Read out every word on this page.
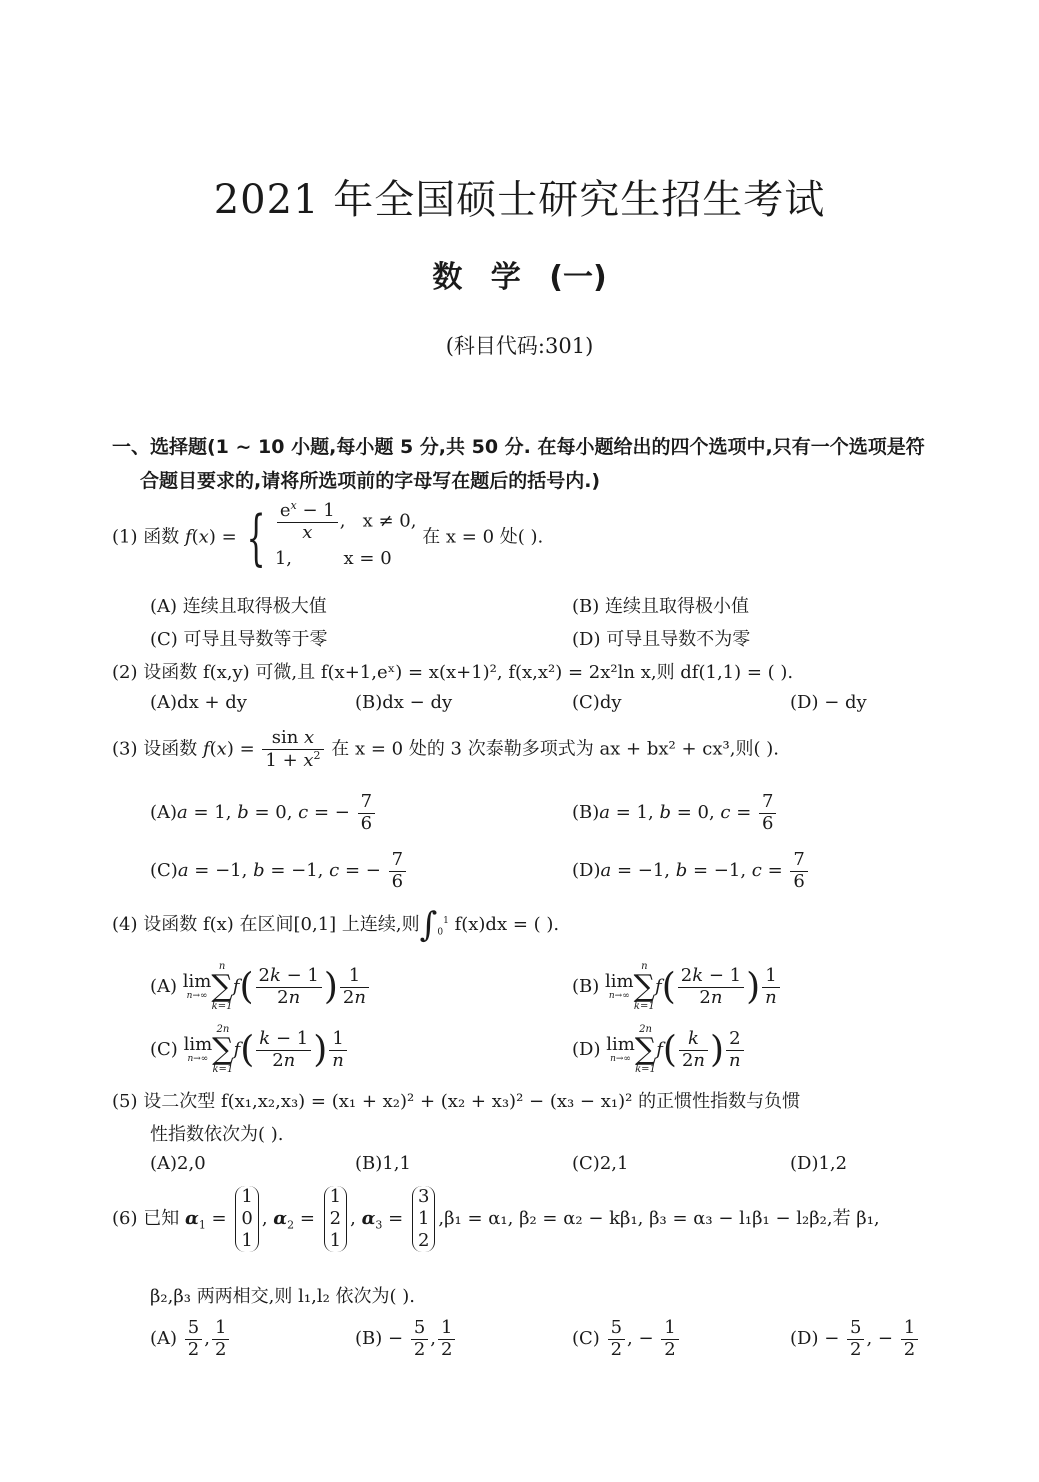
2021 年全国硕士研究生招生考试
数 学 (一)
(科目代码:301)
一、选择题(1 ~ 10 小题,每小题 5 分,共 50 分. 在每小题给出的四个选项中,只有一个选项是符
合题目要求的,请将所选项前的字母写在题后的括号内.)
(1) 函数 f(x) = { $\frac{e^x - 1}{x}$ ,   x ≠ 0,
1,	x = 0
在 x = 0 处( ).
(A) 连续且取得极大值	(B) 连续且取得极小值
(C) 可导且导数等于零	(D) 可导且导数不为零
(2) 设函数 f(x,y) 可微,且 f(x+1,eˣ) = x(x+1)², f(x,x²) = 2x²ln x,则 df(1,1) = ( ).
(A)dx + dy	(B)dx − dy	(C)dy	(D) − dy
(3) 设函数 $f(x) = \frac{\text{sin x}}{1 + x^2}$ 在 x = 0 处的 3 次泰勒多项式为 ax + bx² + cx³,则( ).
(A)a = 1, b = 0, c = − $\frac{7}{6}$	(B)a = 1, b = 0, $c = \frac{7}{6}$
(C)a = −1, b = −1, c = − $\frac{7}{6}$	(D)a = −1, b = −1, $c = \frac{7}{6}$
(4) 设函数 f(x) 在区间[0,1] 上连续,则$\int_0^1$ f(x)dx = ( ).
(A) lim
n→∞
n
∑
k=1
$f( \frac{2k - 1}{2n}$ ) $\frac{1}{2n}$	(B) lim
n→∞
n
∑
k=1
$f( \frac{2k - 1}{2n}$ ) $\frac{1}{n}$
(C) lim
n→∞
2n
∑
k=1
$f( \frac{k - 1}{2n}$ ) $\frac{1}{n}$	(D) lim
n→∞
2n
∑
k=1
$f( \frac{k}{2n}$ ) $\frac{2}{n}$
(5) 设二次型 f(x₁,x₂,x₃) = (x₁ + x₂)² + (x₂ + x₃)² − (x₃ − x₁)² 的正惯性指数与负惯
性指数依次为( ).
(A)2,0	(B)1,1	(C)2,1	(D)1,2
(6) 已知 $\alpha_1$ =
1
0
1
, $\alpha_2$ =
1
2
1
, $\alpha_3$ =
3
1
2
,β₁ = α₁, β₂ = α₂ − kβ₁, β₃ = α₃ − l₁β₁ − l₂β₂,若 β₁,
β₂,β₃ 两两相交,则 l₁,l₂ 依次为( ).
$(A) \frac{5}{2}$ , $\frac{1}{2}$	$(B) - \frac{5}{2}$ , $\frac{1}{2}$	$(C) \frac{5}{2}$ , − $\frac{1}{2}$	$(D) - \frac{5}{2}$ , − $\frac{1}{2}$
